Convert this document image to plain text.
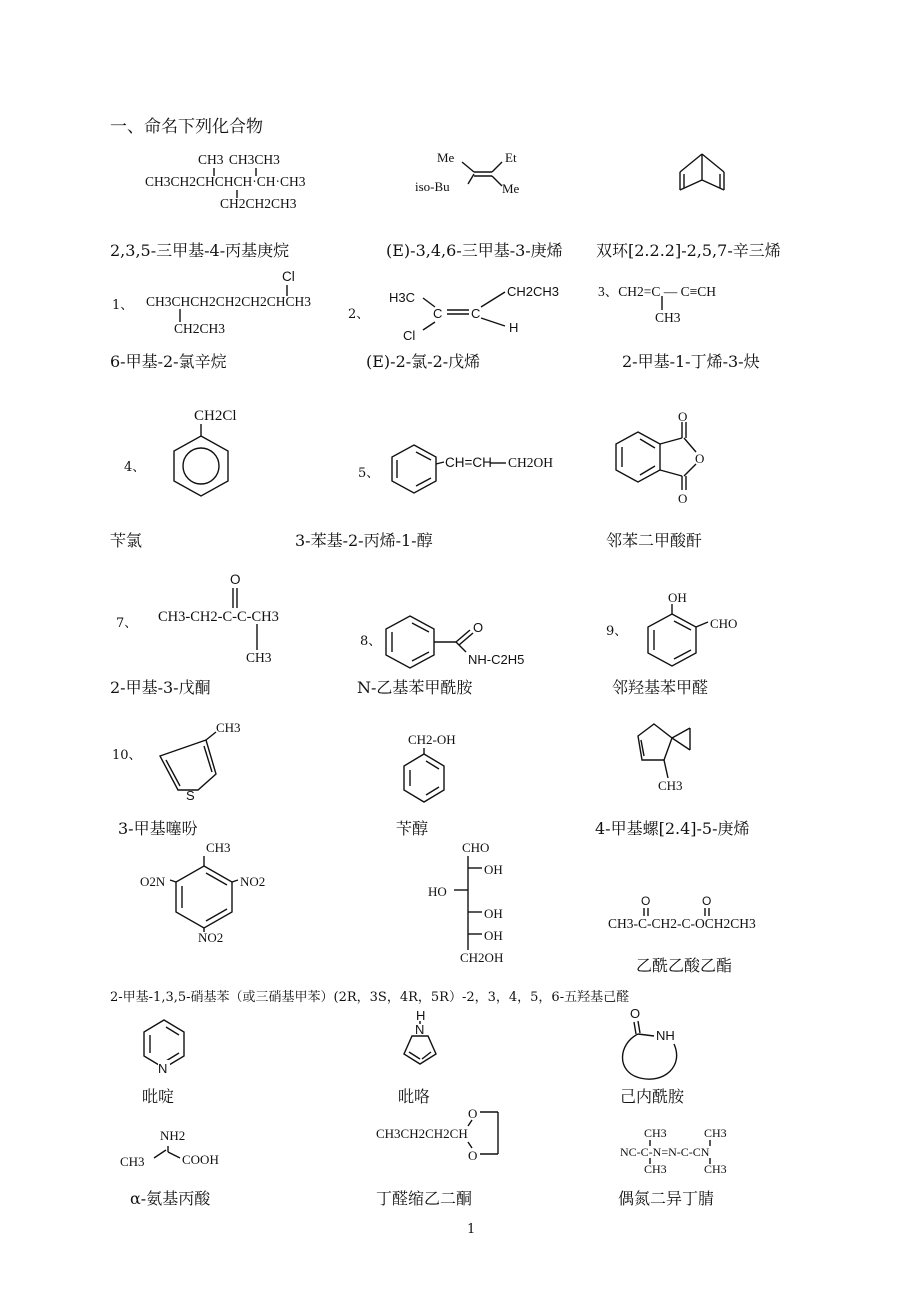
一、命名下列化合物
CH3 CH3CH3
CH3CH2CHCHCH·CH·CH3
CH2CH2CH3
Me	Et
iso-Bu	Me
2,3,5-三甲基-4-丙基庚烷	(E)-3,4,6-三甲基-3-庚烯 双环[2.2.2]-2,5,7-辛三烯
1、
Cl
CH3CHCH2CH2CH2CHCH3
CH2CH3
2、
H3C
C C
CH2CH3
Cl
H
3、CH2=C — C≡CH
CH3
6-甲基-2-氯辛烷	(E)-2-氯-2-戊烯	2-甲基-1-丁烯-3-炔
4、
CH2Cl
5、
CH=CH CH2OH
O
O
O
苄氯	3-苯基-2-丙烯-1-醇	邻苯二甲酸酐
7、
O
CH3-CH2-C-C-CH3
CH3
8、
O
NH-C2H5
9、
OH
CHO
2-甲基-3-戊酮	N-乙基苯甲酰胺	邻羟基苯甲醛
10、
CH3
S
CH2-OH
CH3
3-甲基噻吩	苄醇	4-甲基螺[2.4]-5-庚烯
CH3
O2N	NO2
NO2
CHO
OH
HO
OH
OH
CH2OH
O	O
CH3-C-CH2-C-OCH2CH3
乙酰乙酸乙酯
2-甲基-1,3,5-硝基苯（或三硝基甲苯）(2R，3S，4R，5R）-2，3，4，5，6-五羟基己醛
N
H
N
O
NH
吡啶	吡咯	己内酰胺
NH2
CH3	COOH
CH3CH2CH2CH
O
O
CH3	CH3
NC-C-N=N-C-CN
CH3	CH3
α-氨基丙酸	丁醛缩乙二酮	偶氮二异丁腈
1
